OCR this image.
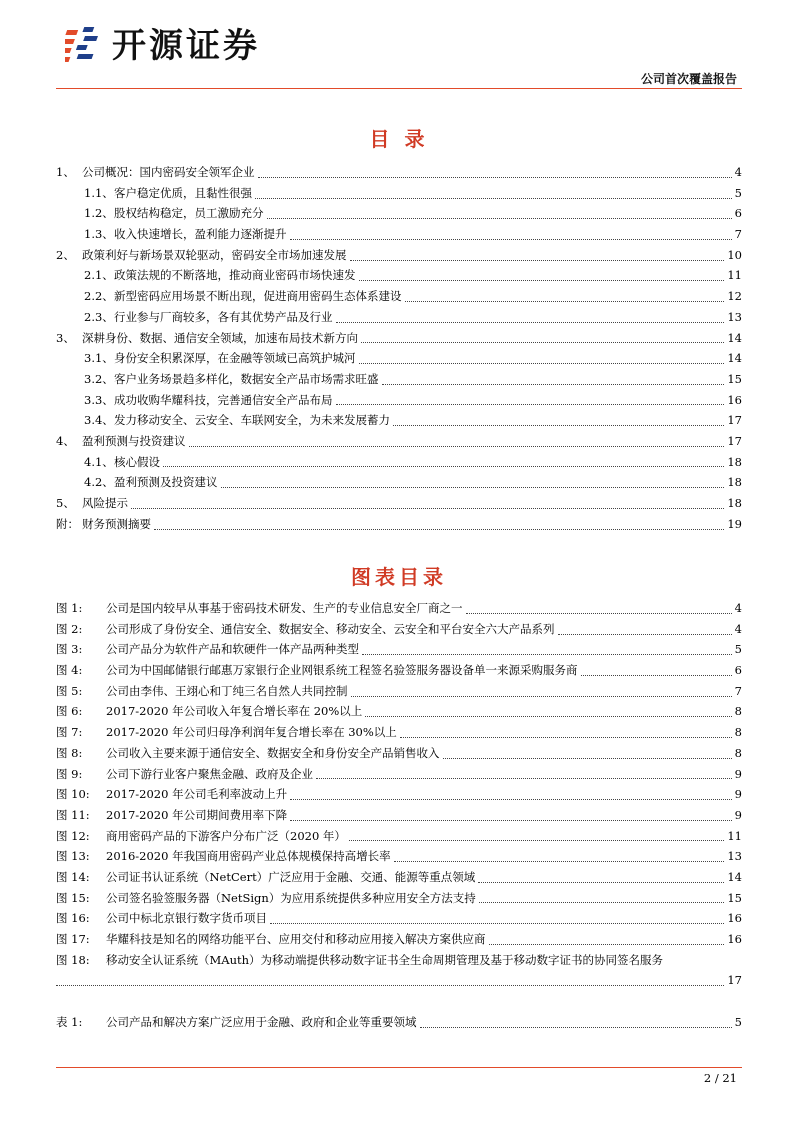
开源证券
公司首次覆盖报告
目 录
1、 公司概况：国内密码安全领军企业	4
1.1、客户稳定优质，且黏性很强	5
1.2、股权结构稳定，员工激励充分	6
1.3、收入快速增长，盈利能力逐渐提升	7
2、 政策利好与新场景双轮驱动，密码安全市场加速发展	10
2.1、政策法规的不断落地，推动商业密码市场快速发	11
2.2、新型密码应用场景不断出现，促进商用密码生态体系建设	12
2.3、行业参与厂商较多，各有其优势产品及行业	13
3、 深耕身份、数据、通信安全领域，加速布局技术新方向	14
3.1、身份安全积累深厚，在金融等领域已高筑护城河	14
3.2、客户业务场景趋多样化，数据安全产品市场需求旺盛	15
3.3、成功收购华耀科技，完善通信安全产品布局	16
3.4、发力移动安全、云安全、车联网安全，为未来发展蓄力	17
4、 盈利预测与投资建议	17
4.1、核心假设	18
4.2、盈利预测及投资建议	18
5、 风险提示	18
附： 财务预测摘要	19
图表目录
图 1: 公司是国内较早从事基于密码技术研发、生产的专业信息安全厂商之一	4
图 2: 公司形成了身份安全、通信安全、数据安全、移动安全、云安全和平台安全六大产品系列	4
图 3: 公司产品分为软件产品和软硬件一体产品两种类型	5
图 4: 公司为中国邮储银行邮惠万家银行企业网银系统工程签名验签服务器设备单一来源采购服务商	6
图 5: 公司由李伟、王翊心和丁纯三名自然人共同控制	7
图 6: 2017-2020 年公司收入年复合增长率在 20%以上	8
图 7: 2017-2020 年公司归母净利润年复合增长率在 30%以上	8
图 8: 公司收入主要来源于通信安全、数据安全和身份安全产品销售收入	8
图 9: 公司下游行业客户聚焦金融、政府及企业	9
图 10: 2017-2020 年公司毛利率波动上升	9
图 11: 2017-2020 年公司期间费用率下降	9
图 12: 商用密码产品的下游客户分布广泛（2020 年）	11
图 13: 2016-2020 年我国商用密码产业总体规模保持高增长率	13
图 14: 公司证书认证系统（NetCert）广泛应用于金融、交通、能源等重点领域	14
图 15: 公司签名验签服务器（NetSign）为应用系统提供多种应用安全方法支持	15
图 16: 公司中标北京银行数字货币项目	16
图 17: 华耀科技是知名的网络功能平台、应用交付和移动应用接入解决方案供应商	16
图 18: 移动安全认证系统（MAuth）为移动端提供移动数字证书全生命周期管理及基于移动数字证书的协同签名服务
17
表 1: 公司产品和解决方案广泛应用于金融、政府和企业等重要领域	5
2 / 21
